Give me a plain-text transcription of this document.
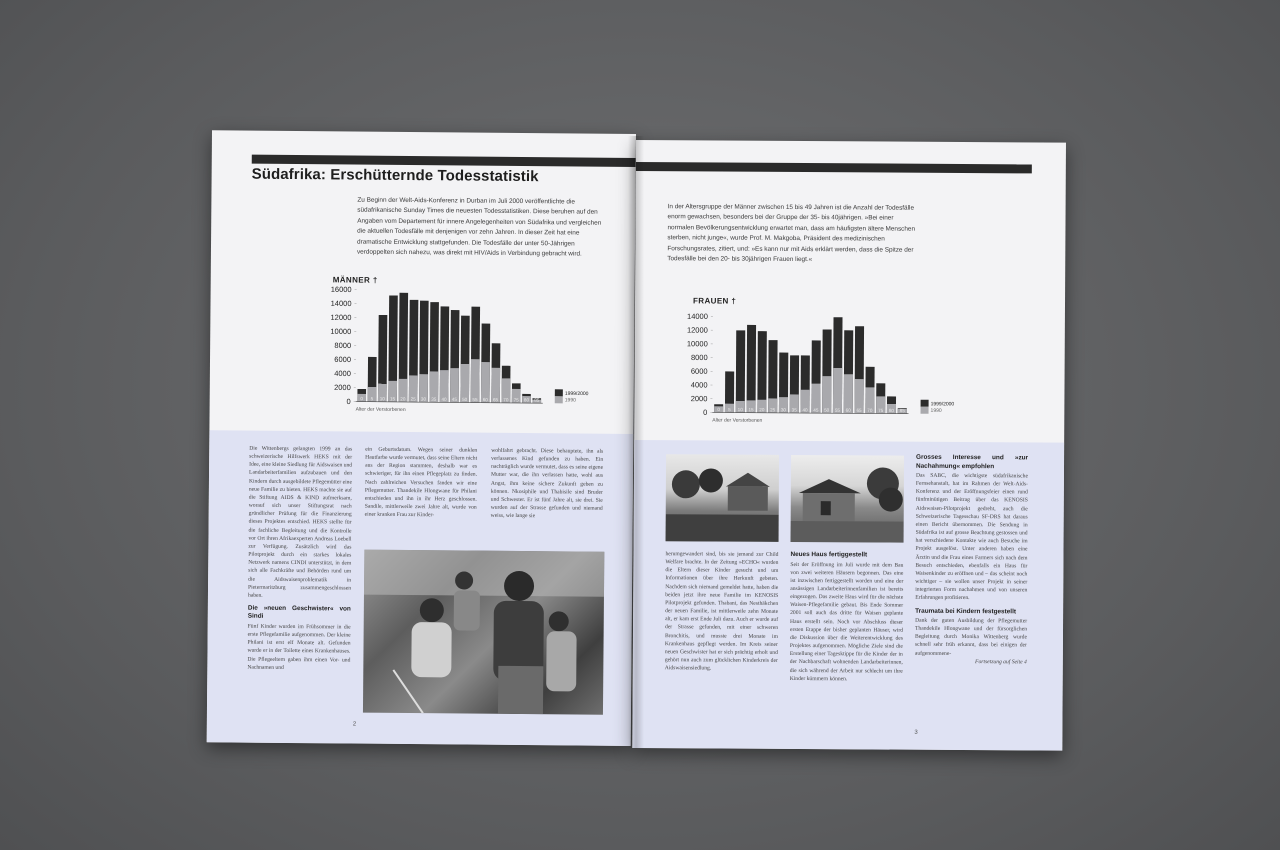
Südafrika: Erschütternde Todesstatistik
Zu Beginn der Welt-Aids-Konferenz in Durban im Juli 2000 veröffentlichte die südafrikanische Sunday Times die neuesten Todesstatistiken. Diese beruhen auf den Angaben vom Departement für innere Angelegenheiten von Südafrika und vergleichen die aktuellen Todesfälle mit denjenigen vor zehn Jahren. In dieser Zeit hat eine dramatische Entwicklung stattgefunden. Die Todesfälle der unter 50-Jährigen verdoppelten sich nahezu, was direkt mit HIV/Aids in Verbindung gebracht wird.
MÄNNER †
0
2000
4000
6000
8000
10000
12000
14000
16000
0 5 10 15 20 25 30 35 40 45 50 55 60 65 70 75 80 85
Alter der Verstorbenen
1999/2000
1990

Die Wittenbergs gelangten 1999 an das schweizerische Hilfswerk HEKS mit der Idee, eine kleine Siedlung für Aidswaisen und Landarbeiterfamilien aufzubauen und den Kindern durch ausgebildete Pflegemütter eine neue Familie zu bieten. HEKS machte sie auf die Stiftung AIDS & KIND aufmerksam, worauf sich unser Stiftungsrat nach gründlicher Prüfung für die Finanzierung dieses Projektes entschied. HEKS stellte für die fachliche Begleitung und die Kontrolle vor Ort ihren Afrikaexperten Andreas Loebell zur Verfügung. Zusätzlich wird das Pilotprojekt durch ein starkes lokales Netzwerk namens CINDI unterstützt, in dem sich alle Fachkräfte und Behörden rund um die Aidswaisenproblematik in Pietermaritzburg zusammengeschlossen haben.

Die »neuen Geschwister« von Sindi

Fünf Kinder wurden im Frühsommer in die erste Pflegefamilie aufgenommen. Der kleine Philani ist erst elf Monate alt. Gefunden wurde er in der Toilette eines Krankenhauses. Die Pflegeeltern gaben ihm einen Vor- und Nachnamen und

ein Geburtsdatum. Wegen seiner dunklen Hautfarbe wurde vermutet, dass seine Eltern nicht aus der Region stammten, deshalb war es schwieriger, für ihn einen Pflegeplatz zu finden. Nach zahlreichen Versuchen fanden wir eine Pflegemutter. Thandekile Hlongwane für Philani entschieden und ihn in ihr Herz geschlossen. Sandile, mittlerweile zwei Jahre alt, wurde von einer kranken Frau zur Kinder-
wohlfahrt gebracht. Diese behauptete, ihn als verlassenes Kind gefunden zu haben. Ein nachträglich wurde vermutet, dass es seine eigene Mutter war, die ihn verlassen hatte, wohl aus Angst, ihm keine sichere Zukunft geben zu können. Nkosiphile und Thabisile sind Bruder und Schwester. Er ist fünf Jahre alt, sie drei. Sie wurden auf der Strasse gefunden und niemand weiss, wie lange sie
2
In der Altersgruppe der Männer zwischen 15 bis 49 Jahren ist die Anzahl der Todesfälle enorm gewachsen, besonders bei der Gruppe der 35- bis 40jährigen. »Bei einer normalen Bevölkerungsentwicklung erwartet man, dass am häufigsten ältere Menschen sterben, nicht junge«, wurde Prof. M. Makgoba, Präsident des medizinischen Forschungsrates, zitiert, und: »Es kann nur mit Aids erklärt werden, dass die Spitze der Todesfälle bei den 20- bis 30jährigen Frauen liegt.«
FRAUEN †
0
2000
4000
6000
8000
10000
12000
14000
0 5 10 15 20 25 30 35 40 45 50 55 60 65 70 75 80 85
Alter der Verstorbenen
1999/2000
1990
herumgewandert sind, bis sie jemand zur Child Welfare brachte. In der Zeitung »ECHO« wurden die Eltern dieser Kinder gesucht und um Informationen über ihre Herkunft gebeten. Nachdem sich niemand gemeldet hatte, haben die beiden jetzt ihre neue Familie im KENOSIS Pilotprojekt gefunden. Thabani, das Nesthäkchen der neuen Familie, ist mittlerweile zehn Monate alt, er kam erst Ende Juli dazu. Auch er wurde auf der Strasse gefunden, mit einer schweren Bronchitis, und musste drei Monate im Krankenhaus gepflegt werden. Im Kreis seiner neuen Geschwister hat er sich prächtig erholt und gehört nun auch zum glücklichen Kinderkreis der Aidswaisensiedlung.
Neues Haus fertiggestellt

Seit der Eröffnung im Juli wurde mit dem Bau von zwei weiteren Häusern begonnen. Das eine ist inzwischen fertiggestellt worden und eine der ansässigen Landarbeiterinnenfamilien ist bereits eingezogen. Das zweite Haus wird für die nächste Waisen-Pflegefamilie gebaut. Bis Ende Sommer 2001 soll auch das dritte für Waisen geplante Haus erstellt sein. Noch vor Abschluss dieser ersten Etappe der bisher geplanten Häuser, wird die Diskussion über die Weiterentwicklung des Projektes aufgenommen. Mögliche Ziele sind die Erstellung einer Tagesktippe für die Kinder der in der Nachbarschaft wohnenden Landarbeiterinnen, die sich während der Arbeit nur schlecht um ihre Kinder kümmern können.

Grosses Interesse und »zur Nachahmung« empfohlen

Das SABC, die wichtigste südafrikanische Fernsehanstalt, hat im Rahmen der Welt-Aids-Konferenz und der Eröffnungsfeier einen rund fünfminütigen Beitrag über das KENOSIS Aidswaisen-Pilotprojekt gedreht, auch die Schweizerische Tagesschau SF-DRS hat daraus einen Bericht übernommen. Die Sendung in Südafrika ist auf grosse Beachtung gestossen und hat verschiedene Kontakte wie auch Besuche im Projekt ausgelöst. Unter anderen haben eine Ärztin und die Frau eines Farmers sich nach dem Besuch entschieden, ebenfalls ein Haus für Waisenkinder zu eröffnen und – das scheint noch wichtiger – sie wollen unser Projekt in seiner integrierten Form nachahmen und von unseren Erfahrungen profitieren.

Traumata bei Kindern festgestellt

Dank der guten Ausbildung der Pflegemutter Thandekile Hlongwane und der fürsorglichen Begleitung durch Monika Wittenberg wurde schnell sehr früh erkannt, dass bei einigen der aufgenommene-

Fortsetzung auf Seite 4

3
